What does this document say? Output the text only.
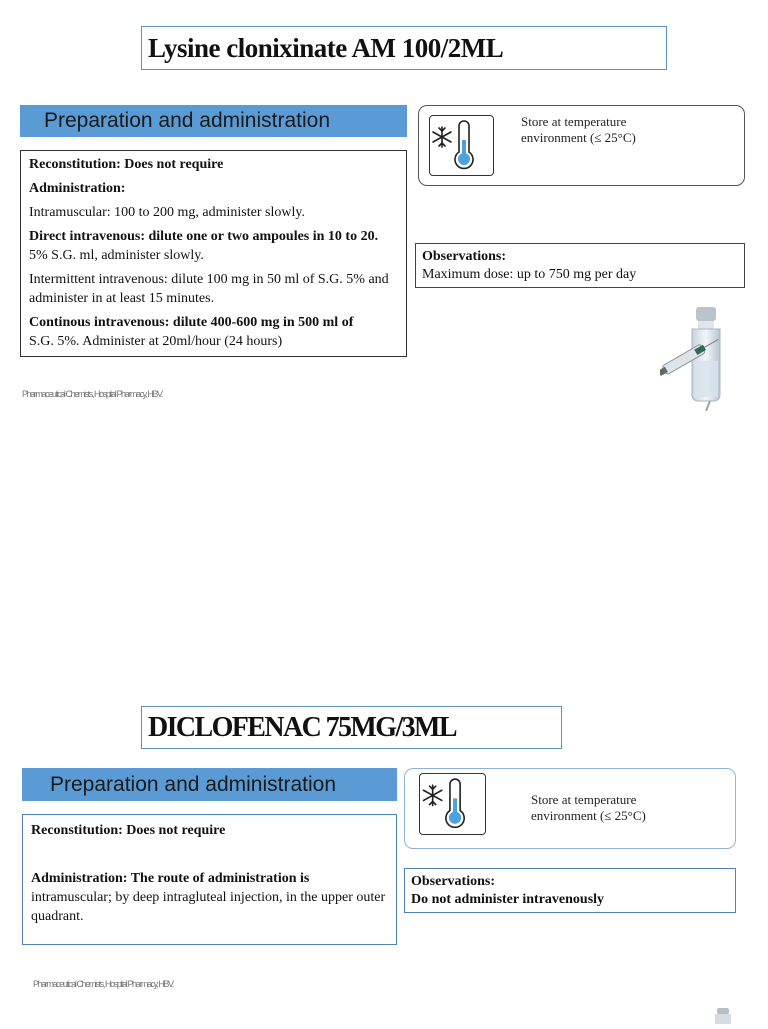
Lysine clonixinate AM 100/2ML
Preparation and administration

Reconstitution: Does not require

Administration:

Intramuscular: 100 to 200 mg, administer slowly.

Direct intravenous: dilute one or two ampoules in 10 to 20.
5% S.G. ml, administer slowly.

Intermittent intravenous: dilute 100 mg in 50 ml of S.G. 5% and administer in at least 15 minutes.

Continous intravenous: dilute 400-600 mg in 500 ml of
S.G. 5%. Administer at 20ml/hour (24 hours)

Store at temperature
environment (≤ 25°C)
Observations:
Maximum dose: up to 750 mg per day
Pharmaceutical Chemists, Hospital Pharmacy, HBV.
DICLOFENAC 75MG/3ML
Preparation and administration

Reconstitution: Does not require

Administration: The route of administration is
intramuscular; by deep intragluteal injection, in the upper outer quadrant.

Store at temperature
environment (≤ 25°C)
Observations:
Do not administer intravenously
Pharmaceutical Chemists, Hospital Pharmacy, HBV.
